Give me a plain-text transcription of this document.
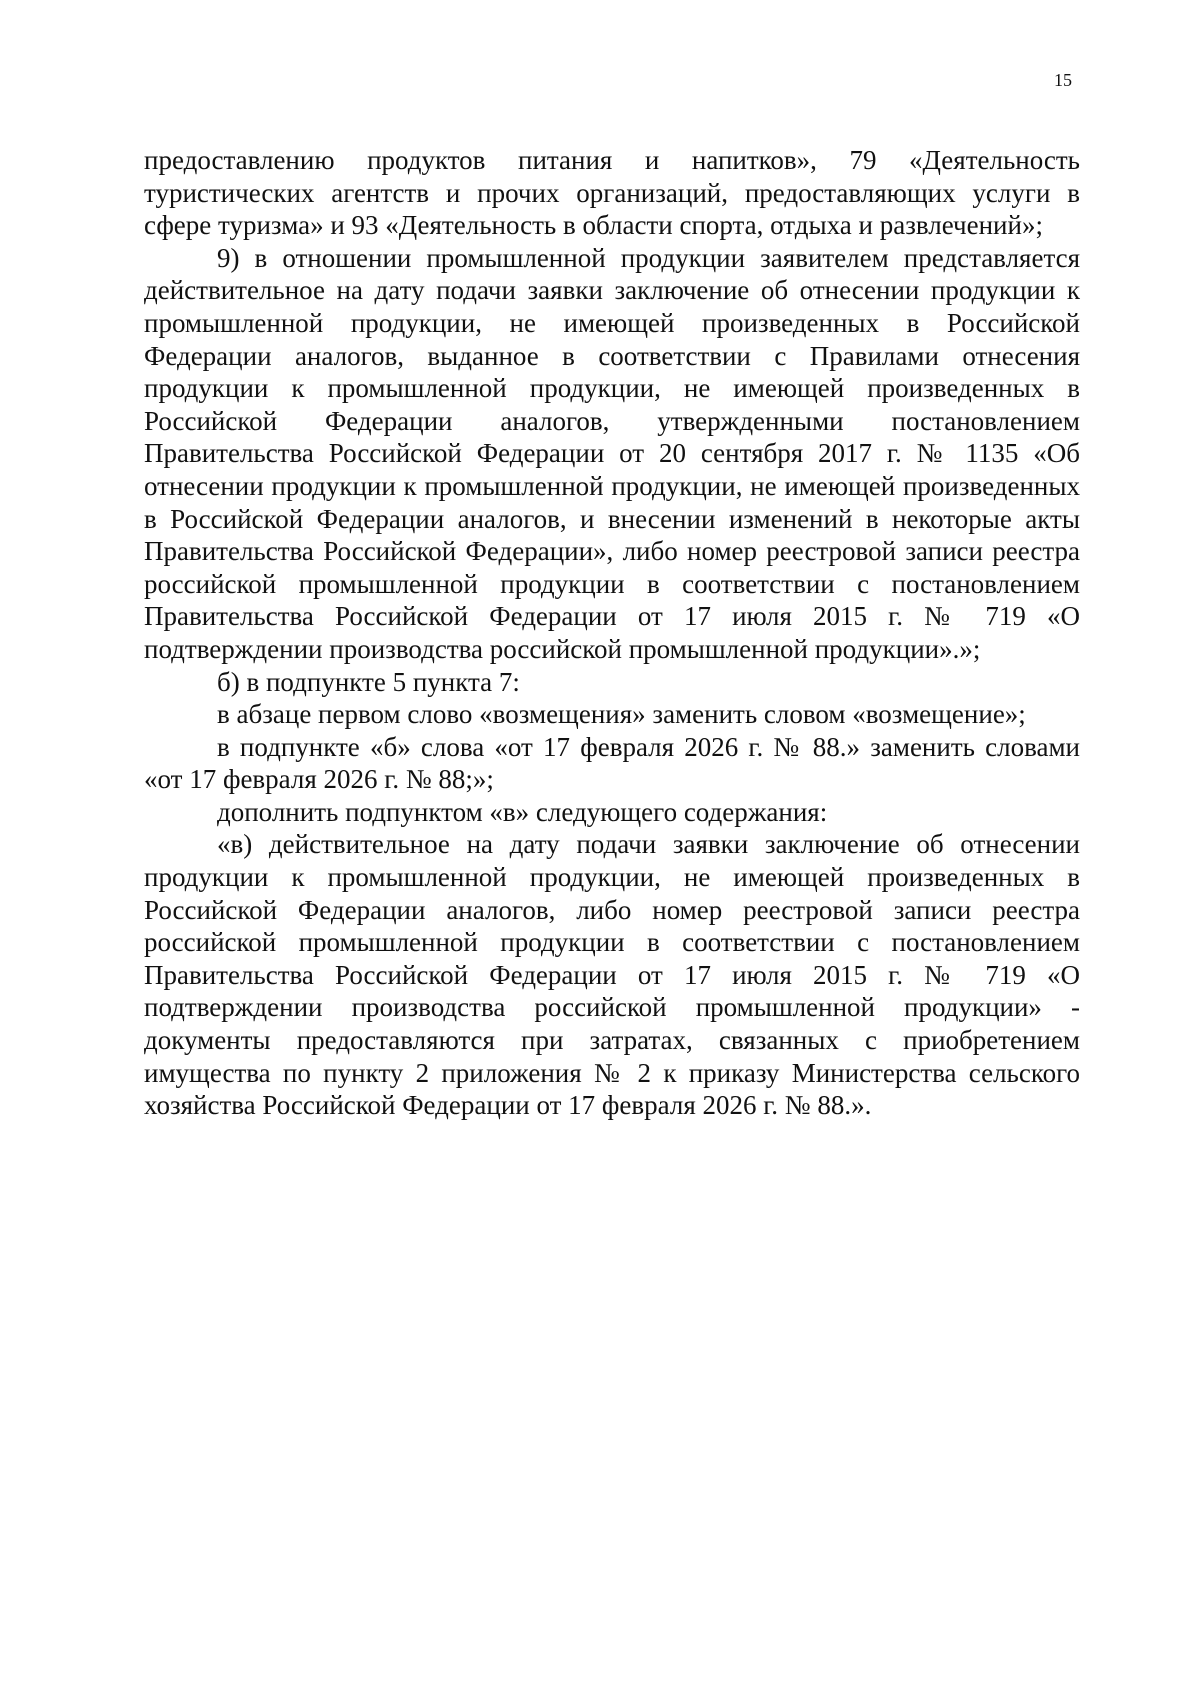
15

предоставлению продуктов питания и напитков», 79 «Деятельность туристических агентств и прочих организаций, предоставляющих услуги в сфере туризма» и 93 «Деятельность в области спорта, отдыха и развлечений»;

9) в отношении промышленной продукции заявителем представляется действительное на дату подачи заявки заключение об отнесении продукции к промышленной продукции, не имеющей произведенных в Российской Федерации аналогов, выданное в соответствии с Правилами отнесения продукции к промышленной продукции, не имеющей произведенных в Российской Федерации аналогов, утвержденными постановлением Правительства Российской Федерации от 20 сентября 2017 г. № 1135 «Об отнесении продукции к промышленной продукции, не имеющей произведенных в Российской Федерации аналогов, и внесении изменений в некоторые акты Правительства Российской Федерации», либо номер реестровой записи реестра российской промышленной продукции в соответствии с постановлением Правительства Российской Федерации от 17 июля 2015 г. № 719 «О подтверждении производства российской промышленной продукции».»;

б) в подпункте 5 пункта 7:

в абзаце первом слово «возмещения» заменить словом «возмещение»;

в подпункте «б» слова «от 17 февраля 2026 г. № 88.» заменить словами «от 17 февраля 2026 г. № 88;»;

дополнить подпунктом «в» следующего содержания:

«в) действительное на дату подачи заявки заключение об отнесении продукции к промышленной продукции, не имеющей произведенных в Российской Федерации аналогов, либо номер реестровой записи реестра российской промышленной продукции в соответствии с постановлением Правительства Российской Федерации от 17 июля 2015 г. № 719 «О подтверждении производства российской промышленной продукции» - документы предоставляются при затратах, связанных с приобретением имущества по пункту 2 приложения № 2 к приказу Министерства сельского хозяйства Российской Федерации от 17 февраля 2026 г. № 88.».
